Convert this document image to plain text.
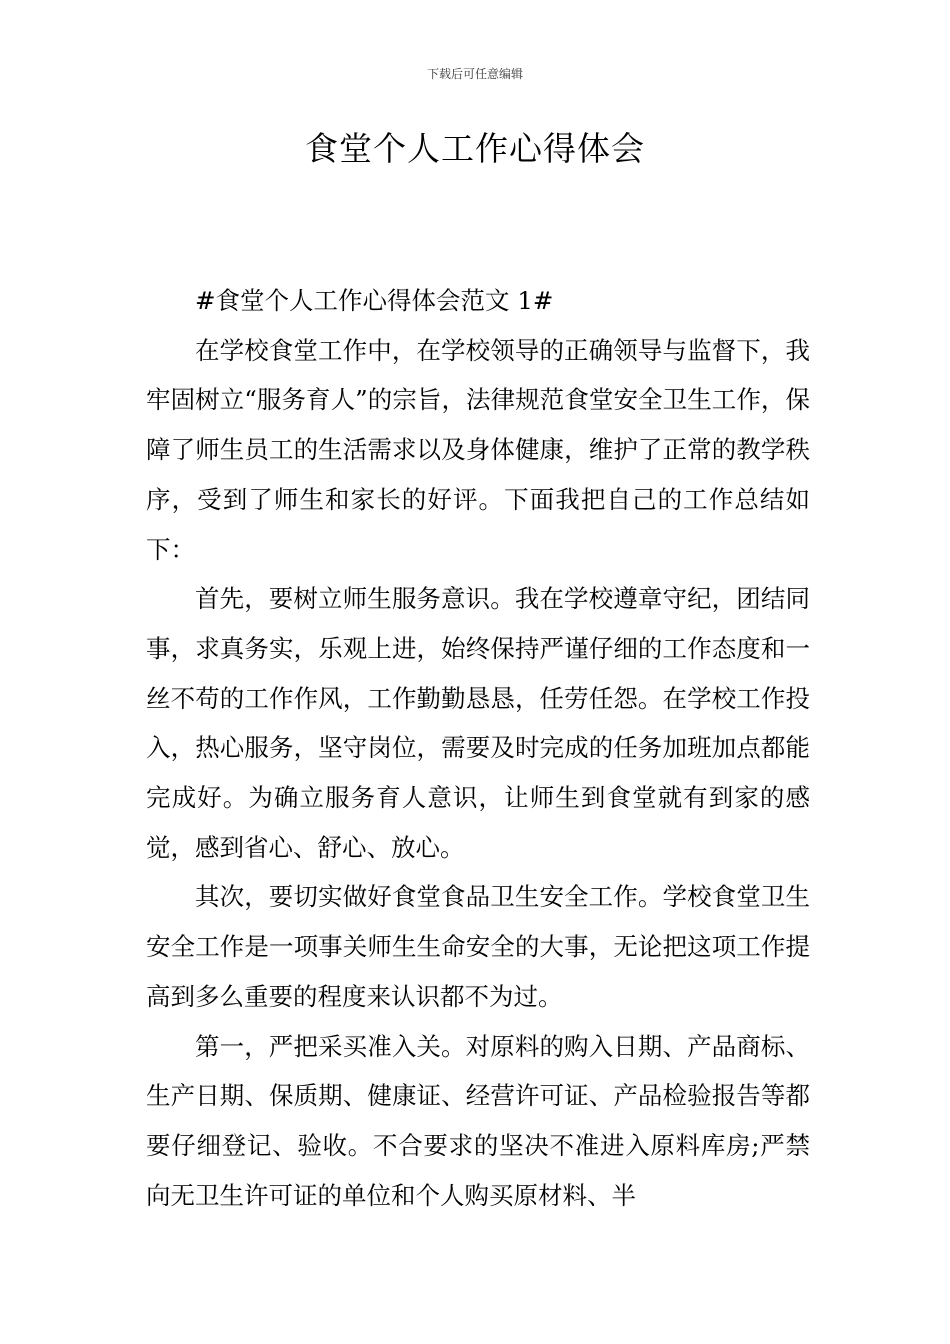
下载后可任意编辑
食堂个人工作心得体会

#食堂个人工作心得体会范文 1#

在学校食堂工作中，在学校领导的正确领导与监督下，我牢固树立“服务育人”的宗旨，法律规范食堂安全卫生工作，保障了师生员工的生活需求以及身体健康，维护了正常的教学秩序，受到了师生和家长的好评。下面我把自己的工作总结如下：

首先，要树立师生服务意识。我在学校遵章守纪，团结同事，求真务实，乐观上进，始终保持严谨仔细的工作态度和一丝不苟的工作作风，工作勤勤恳恳，任劳任怨。在学校工作投入，热心服务，坚守岗位，需要及时完成的任务加班加点都能完成好。为确立服务育人意识，让师生到食堂就有到家的感觉，感到省心、舒心、放心。

其次，要切实做好食堂食品卫生安全工作。学校食堂卫生安全工作是一项事关师生生命安全的大事，无论把这项工作提高到多么重要的程度来认识都不为过。

第一，严把采买准入关。对原料的购入日期、产品商标、生产日期、保质期、健康证、经营许可证、产品检验报告等都要仔细登记、验收。不合要求的坚决不准进入原料库房;严禁向无卫生许可证的单位和个人购买原材料、半
